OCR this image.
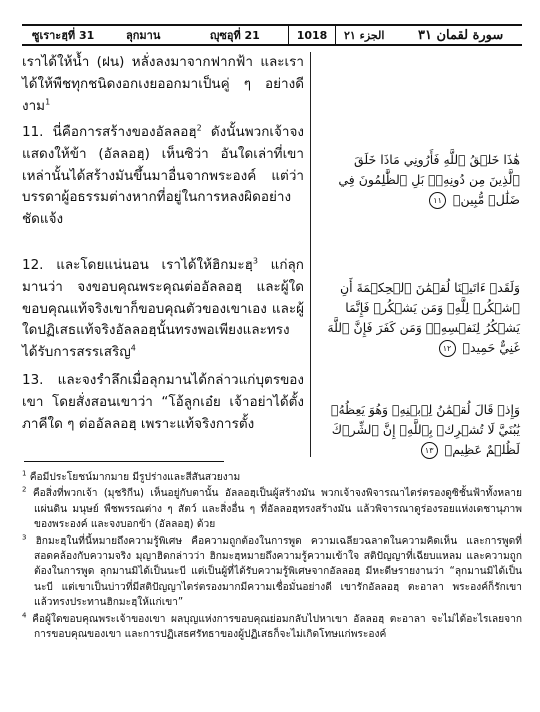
ซูเราะฮฺที่ 31	ลุกมาน	ญุซอุที่ 21	1018	الجزء ٢١	سورة لقمان ٣١

เราได้ให้น้ำ (ฝน) หลั่งลงมาจากฟากฟ้า และเราได้ให้พืชทุกชนิดงอกเงยออกมาเป็นคู่ ๆ อย่างดีงาม$^1$

11. นี่คือการสร้างของอัลลอฮฺ$^2$ ดังนั้นพวกเจ้าจงแสดงให้ข้า (อัลลอฮฺ) เห็นซิว่า อันใดเล่าที่เขาเหล่านั้นได้สร้างมันขึ้นมาอื่นจากพระองค์ แต่ว่าบรรดาผู้อธรรมต่างหากที่อยู่ในการหลงผิดอย่างชัดแจ้ง

12. และโดยแน่นอน เราได้ให้ฮิกมะฮฺ$^3$ แก่ลุกมานว่า จงขอบคุณพระคุณต่ออัลลอฮฺ และผู้ใดขอบคุณแท้จริงเขาก็ขอบคุณตัวของเขาเอง และผู้ใดปฏิเสธแท้จริงอัลลอฮฺนั้นทรงพอเพียงและทรงได้รับการสรรเสริญ$^4$

13. และจงรำลึกเมื่อลุกมานได้กล่าวแก่บุตรของเขา โดยสั่งสอนเขาว่า “โอ้ลูกเอ๋ย เจ้าอย่าได้ตั้งภาคีใด ๆ ต่ออัลลอฮฺ เพราะแท้จริงการตั้ง

هَٰذَا خَلۡقُ ٱللَّهِ فَأَرُونِي مَاذَا خَلَقَ ٱلَّذِينَ مِن دُونِهِۦۚ بَلِ ٱلظَّٰلِمُونَ فِي ضَلَٰلٖ مُّبِينٖ ١١

وَلَقَدۡ ءَاتَيۡنَا لُقۡمَٰنَ ٱلۡحِكۡمَةَ أَنِ ٱشۡكُرۡ لِلَّهِۚ وَمَن يَشۡكُرۡ فَإِنَّمَا يَشۡكُرُ لِنَفۡسِهِۦۖ وَمَن كَفَرَ فَإِنَّ ٱللَّهَ غَنِيٌّ حَمِيدٞ ١٢

وَإِذۡ قَالَ لُقۡمَٰنُ لِٱبۡنِهِۦ وَهُوَ يَعِظُهُۥ يَٰبُنَيَّ لَا تُشۡرِكۡ بِٱللَّهِۖ إِنَّ ٱلشِّرۡكَ لَظُلۡمٌ عَظِيمٞ ١٣

$^1$ คือมีประโยชน์มากมาย มีรูปร่างและสีสันสวยงาม

$^2$ คือสิ่งที่พวกเจ้า (มุชริกีน) เห็นอยู่กับตานั้น อัลลอฮฺเป็นผู้สร้างมัน พวกเจ้าจงพิจารณาไตร่ตรองดูซิชั้นฟ้าทั้งหลาย แผ่นดิน มนุษย์ พืชพรรณต่าง ๆ สัตว์ และสิ่งอื่น ๆ ที่อัลลอฮฺทรงสร้างมัน แล้วพิจารณาดูร่องรอยแห่งเดชานุภาพของพระองค์ และจงบอกข้า (อัลลอฮฺ) ด้วย

$^3$ ฮิกมะฮฺในที่นี้หมายถึงความรู้พิเศษ คือความถูกต้องในการพูด ความเฉลียวฉลาดในความคิดเห็น และการพูดที่สอดคล้องกับความจริง มุญาฮิดกล่าวว่า ฮิกมะฮฺหมายถึงความรู้ความเข้าใจ สติปัญญาที่เฉียบแหลม และความถูกต้องในการพูด ลุกมานมิได้เป็นนะบี แต่เป็นผู้ที่ได้รับความรู้พิเศษจากอัลลอฮฺ มีหะดีษรายงานว่า “ลุกมานมิได้เป็นนะบี แต่เขาเป็นบ่าวที่มีสติปัญญาไตร่ตรองมากมีความเชื่อมั่นอย่างดี เขารักอัลลอฮฺ ตะอาลา พระองค์ก็รักเขา แล้วทรงประทานฮิกมะฮฺให้แก่เขา”

$^4$ คือผู้ใดขอบคุณพระเจ้าของเขา ผลบุญแห่งการขอบคุณย่อมกลับไปหาเขา อัลลอฮฺ ตะอาลา จะไม่ได้อะไรเลยจากการขอบคุณของเขา และการปฏิเสธศรัทธาของผู้ปฏิเสธก็จะไม่เกิดโทษแก่พระองค์
